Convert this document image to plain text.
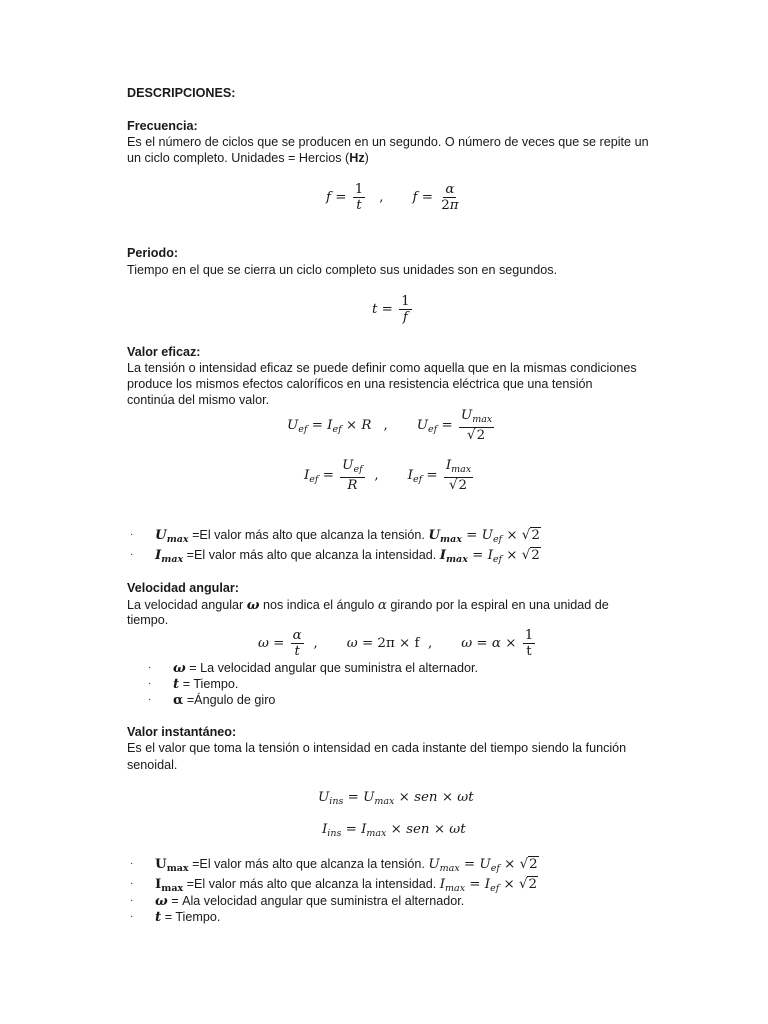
DESCRIPCIONES:
Frecuencia:
Es el número de ciclos que se producen en un segundo. O número de veces que se repite un
un ciclo completo. Unidades = Hercios (Hz)
$f = \frac{1}{t}$ ,       $f = \frac{\alpha}{2\pi}$
Periodo:
Tiempo en el que se cierra un ciclo completo sus unidades son en segundos.
$t = \frac{1}{f}$
Valor eficaz:
La tensión o intensidad eficaz se puede definir como aquella que en la mismas condiciones
produce los mismos efectos caloríficos en una resistencia eléctrica que una tensión
continúa del mismo valor.
$U_{ef} = I_{ef} \times R$   ,       $U_{ef} = \frac{U_{max}}{√2}$
$I_{ef} = \frac{U_{ef}}{R}$ ,       $I_{ef} = \frac{I_{max}}{√2}$
· $U_{max} =El$ valor más alto que alcanza la tensión. $U_{max} = U_{ef} \times √2$
· $I_{max} =El$ valor más alto que alcanza la intensidad. $I_{max} = I_{ef} \times √2$
Velocidad angular:
La velocidad angular ω nos indica el ángulo α girando por la espiral en una unidad de
tiempo.
$\omega = \frac{\alpha}{t}$ ,       ω = 2π × f  ,       $\omega = \alpha \times \frac{1}{t}$
· ω = La velocidad angular que suministra el alternador.
· t = Tiempo.
· α =Ángulo de giro
Valor instantáneo:
Es el valor que toma la tensión o intensidad en cada instante del tiempo siendo la función
senoidal.
$U_{ins} = U_{max}$ × sen × ωt
$I_{ins} = I_{max}$ × sen × ωt
· $U_{max} =El$ valor más alto que alcanza la tensión. $U_{max} = U_{ef} \times √2$
· $I_{max} =El$ valor más alto que alcanza la intensidad. $I_{max} = I_{ef} \times √2$
· ω = Ala velocidad angular que suministra el alternador.
· t = Tiempo.
